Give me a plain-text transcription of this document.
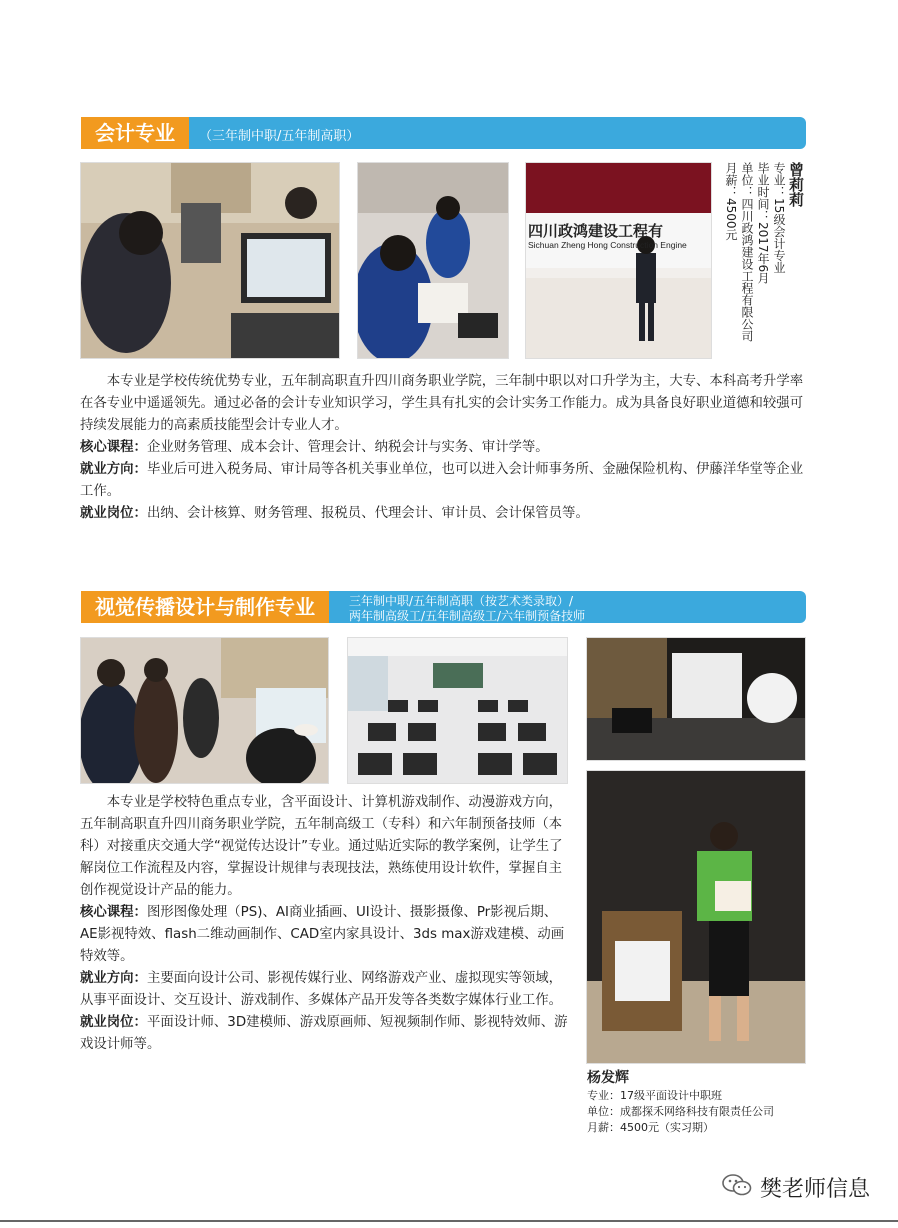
会计专业	（三年制中职/五年制高职）
四川政鸿建设工程有
Sichuan Zheng Hong Construction Engine
曾莉莉
专业：15级会计专业
毕业时间：2017年6月
单位：四川政鸿建设工程有限公司
月薪：4500元

本专业是学校传统优势专业，五年制高职直升四川商务职业学院，三年制中职以对口升学为主，大专、本科高考升学率在各专业中遥遥领先。通过必备的会计专业知识学习，学生具有扎实的会计实务工作能力。成为具备良好职业道德和较强可持续发展能力的高素质技能型会计专业人才。

核心课程：企业财务管理、成本会计、管理会计、纳税会计与实务、审计学等。

就业方向：毕业后可进入税务局、审计局等各机关事业单位，也可以进入会计师事务所、金融保险机构、伊藤洋华堂等企业工作。

就业岗位：出纳、会计核算、财务管理、报税员、代理会计、审计员、会计保管员等。

视觉传播设计与制作专业	三年制中职/五年制高职（按艺术类录取）/
两年制高级工/五年制高级工/六年制预备技师

本专业是学校特色重点专业，含平面设计、计算机游戏制作、动漫游戏方向，五年制高职直升四川商务职业学院，五年制高级工（专科）和六年制预备技师（本科）对接重庆交通大学“视觉传达设计”专业。通过贴近实际的教学案例，让学生了解岗位工作流程及内容，掌握设计规律与表现技法，熟练使用设计软件，掌握自主创作视觉设计产品的能力。

核心课程：图形图像处理（PS)、AI商业插画、UI设计、摄影摄像、Pr影视后期、AE影视特效、flash二维动画制作、CAD室内家具设计、3ds max游戏建模、动画特效等。

就业方向：主要面向设计公司、影视传媒行业、网络游戏产业、虚拟现实等领域，从事平面设计、交互设计、游戏制作、多媒体产品开发等各类数字媒体行业工作。

就业岗位：平面设计师、3D建模师、游戏原画师、短视频制作师、影视特效师、游戏设计师等。

杨发辉
专业：17级平面设计中职班
单位：成都探禾网络科技有限责任公司
月薪：4500元（实习期）
樊老师信息
